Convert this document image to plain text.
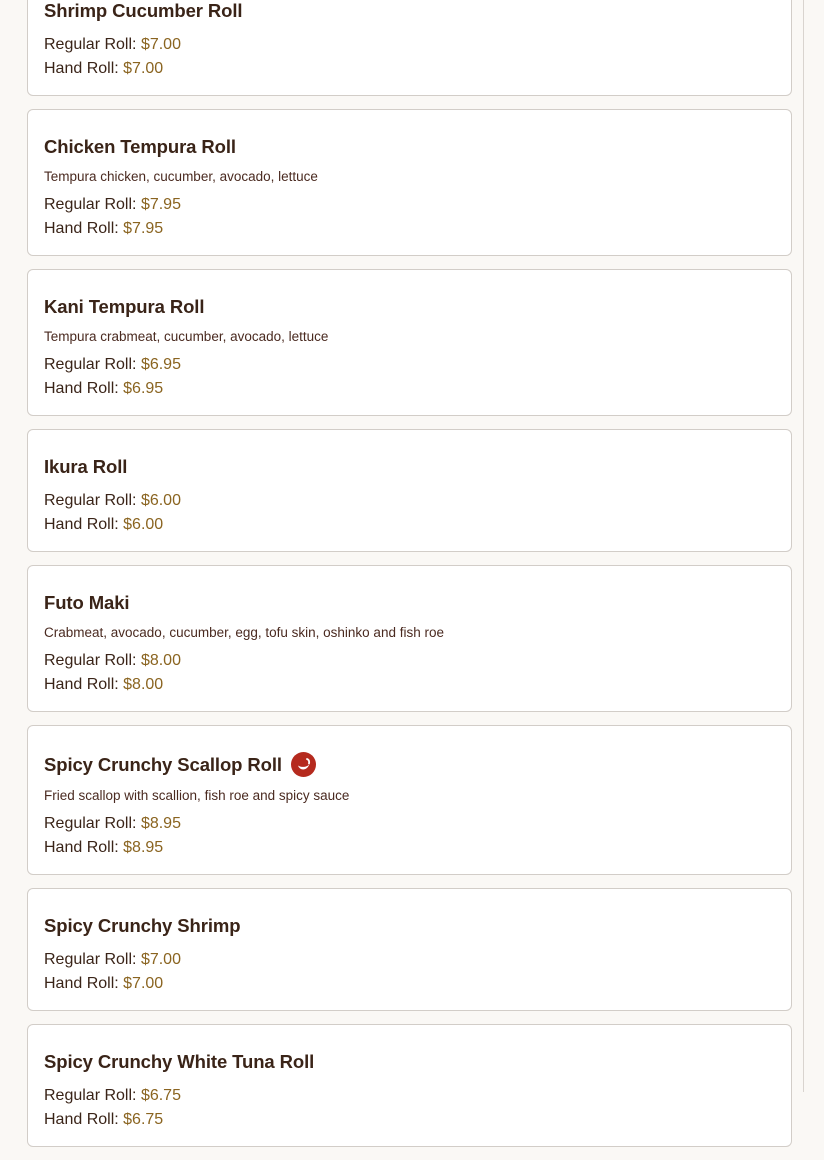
Shrimp Cucumber Roll
Regular Roll: $7.00
Hand Roll: $7.00
Chicken Tempura Roll
Tempura chicken, cucumber, avocado, lettuce
Regular Roll: $7.95
Hand Roll: $7.95
Kani Tempura Roll
Tempura crabmeat, cucumber, avocado, lettuce
Regular Roll: $6.95
Hand Roll: $6.95
Ikura Roll
Regular Roll: $6.00
Hand Roll: $6.00
Futo Maki
Crabmeat, avocado, cucumber, egg, tofu skin, oshinko and fish roe
Regular Roll: $8.00
Hand Roll: $8.00
Spicy Crunchy Scallop Roll
Fried scallop with scallion, fish roe and spicy sauce
Regular Roll: $8.95
Hand Roll: $8.95
Spicy Crunchy Shrimp
Regular Roll: $7.00
Hand Roll: $7.00
Spicy Crunchy White Tuna Roll
Regular Roll: $6.75
Hand Roll: $6.75
